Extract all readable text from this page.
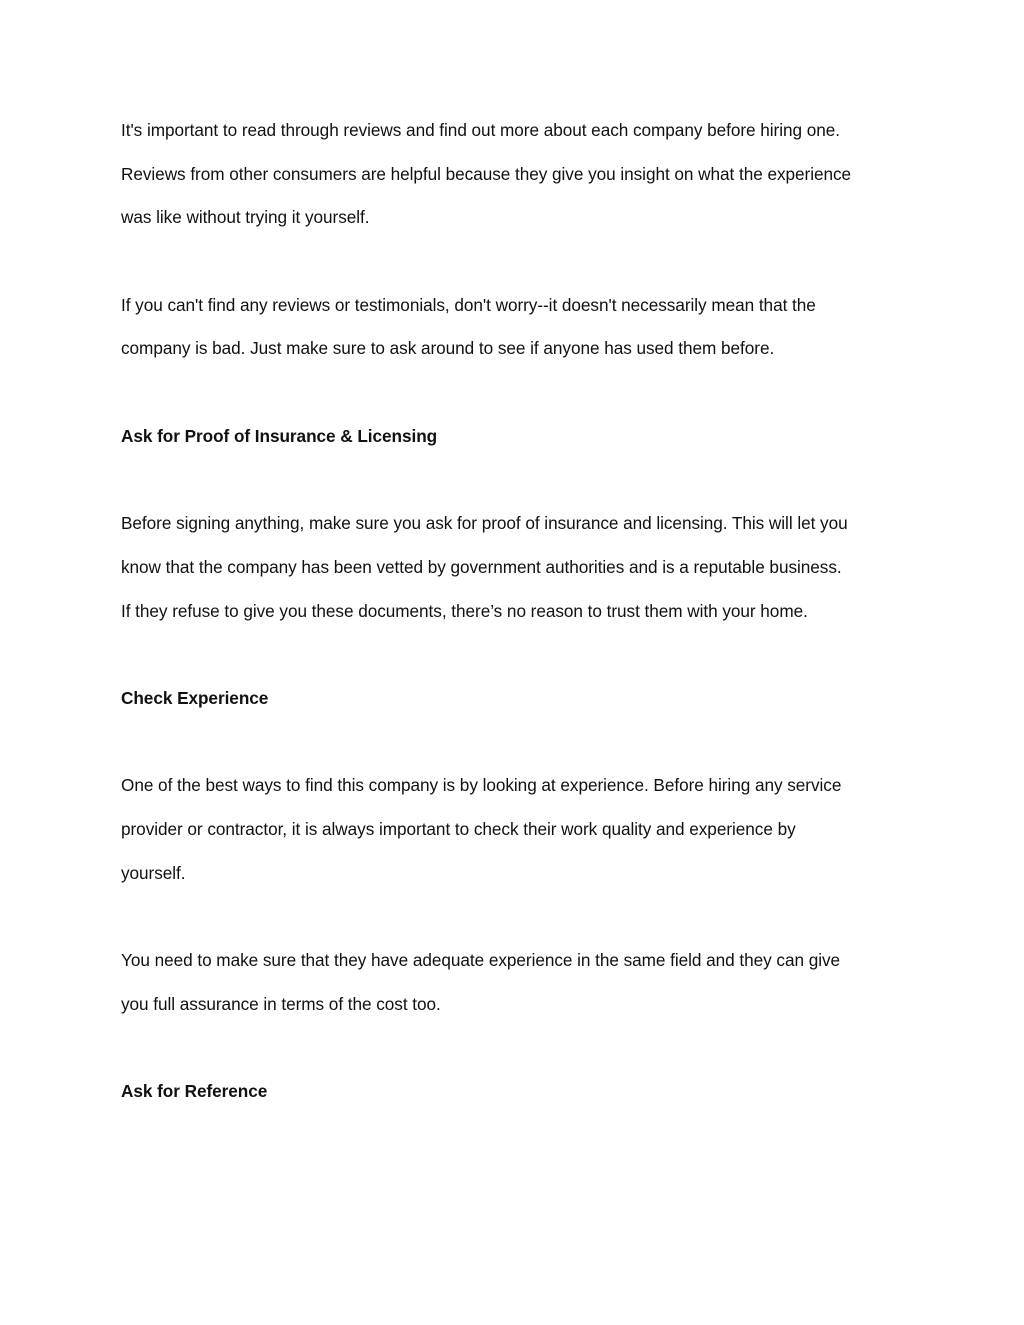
It's important to read through reviews and find out more about each company before hiring one.
Reviews from other consumers are helpful because they give you insight on what the experience
was like without trying it yourself.
If you can't find any reviews or testimonials, don't worry--it doesn't necessarily mean that the
company is bad. Just make sure to ask around to see if anyone has used them before.
Ask for Proof of Insurance & Licensing
Before signing anything, make sure you ask for proof of insurance and licensing. This will let you
know that the company has been vetted by government authorities and is a reputable business.
If they refuse to give you these documents, there’s no reason to trust them with your home.
Check Experience
One of the best ways to find this company is by looking at experience. Before hiring any service
provider or contractor, it is always important to check their work quality and experience by
yourself.
You need to make sure that they have adequate experience in the same field and they can give
you full assurance in terms of the cost too.
Ask for Reference
